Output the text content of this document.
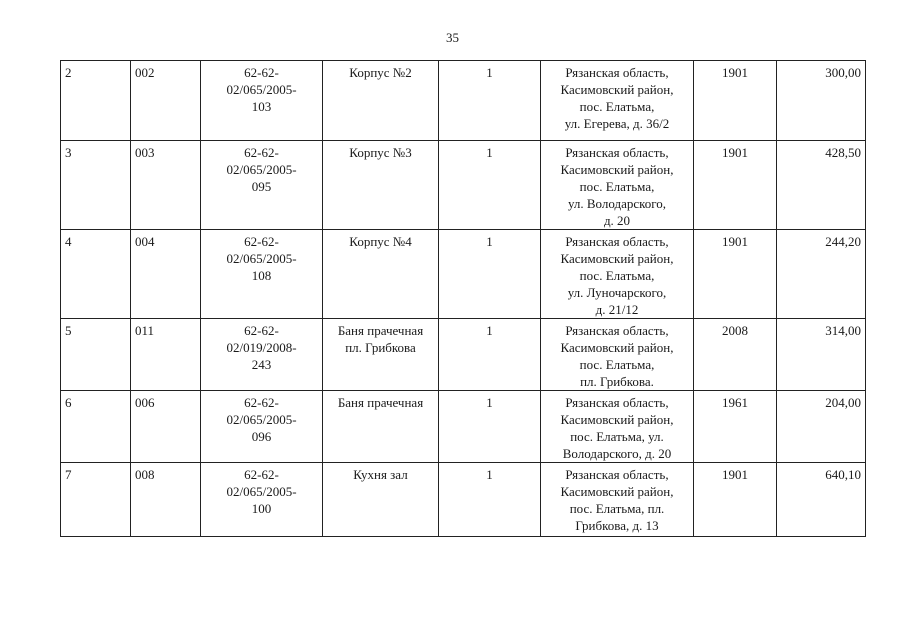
35
2	002	62-62-
02/065/2005-
103	Корпус №2	1	Рязанская область,
Касимовский район,
пос. Елатьма,
ул. Егерева, д. 36/2	1901	300,00
3	003	62-62-
02/065/2005-
095	Корпус №3	1	Рязанская область,
Касимовский район,
пос. Елатьма,
ул. Володарского,
д. 20	1901	428,50
4	004	62-62-
02/065/2005-
108	Корпус №4	1	Рязанская область,
Касимовский район,
пос. Елатьма,
ул. Луночарского,
д. 21/12	1901	244,20
5	011	62-62-
02/019/2008-
243	Баня прачечная
пл. Грибкова	1	Рязанская область,
Касимовский район,
пос. Елатьма,
пл. Грибкова.	2008	314,00
6	006	62-62-
02/065/2005-
096	Баня прачечная	1	Рязанская область,
Касимовский район,
пос. Елатьма, ул.
Володарского, д. 20	1961	204,00
7	008	62-62-
02/065/2005-
100	Кухня зал	1	Рязанская область,
Касимовский район,
пос. Елатьма, пл.
Грибкова, д. 13	1901	640,10
